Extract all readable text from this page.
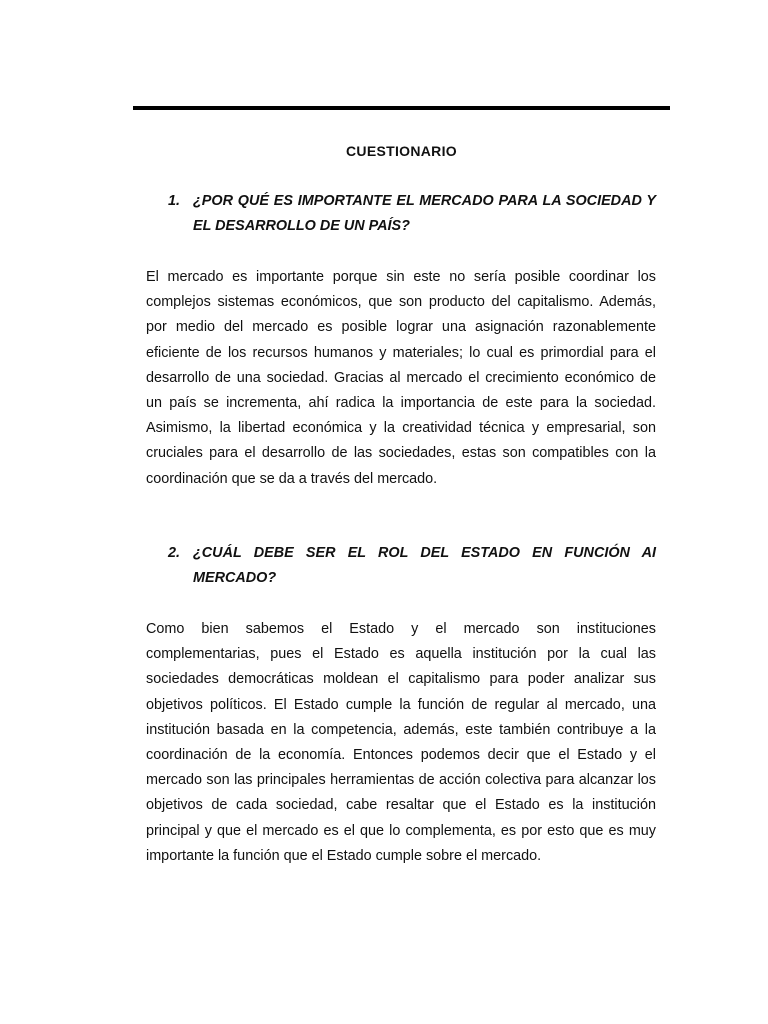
CUESTIONARIO
1. ¿POR QUÉ ES IMPORTANTE EL MERCADO PARA LA SOCIEDAD Y EL DESARROLLO DE UN PAÍS?

El mercado es importante porque sin este no sería posible coordinar los complejos sistemas económicos, que son producto del capitalismo. Además, por medio del mercado es posible lograr una asignación razonablemente eficiente de los recursos humanos y materiales; lo cual es primordial para el desarrollo de una sociedad. Gracias al mercado el crecimiento económico de un país se incrementa, ahí radica la importancia de este para la sociedad. Asimismo, la libertad económica y la creatividad técnica y empresarial, son cruciales para el desarrollo de las sociedades, estas son compatibles con la coordinación que se da a través del mercado.

2. ¿CUÁL DEBE SER EL ROL DEL ESTADO EN FUNCIÓN AI MERCADO?

Como bien sabemos el Estado y el mercado son instituciones complementarias, pues el Estado es aquella institución por la cual las sociedades democráticas moldean el capitalismo para poder analizar sus objetivos políticos. El Estado cumple la función de regular al mercado, una institución basada en la competencia, además, este también contribuye a la coordinación de la economía. Entonces podemos decir que el Estado y el mercado son las principales herramientas de acción colectiva para alcanzar los objetivos de cada sociedad, cabe resaltar que el Estado es la institución principal y que el mercado es el que lo complementa, es por esto que es muy importante la función que el Estado cumple sobre el mercado.
